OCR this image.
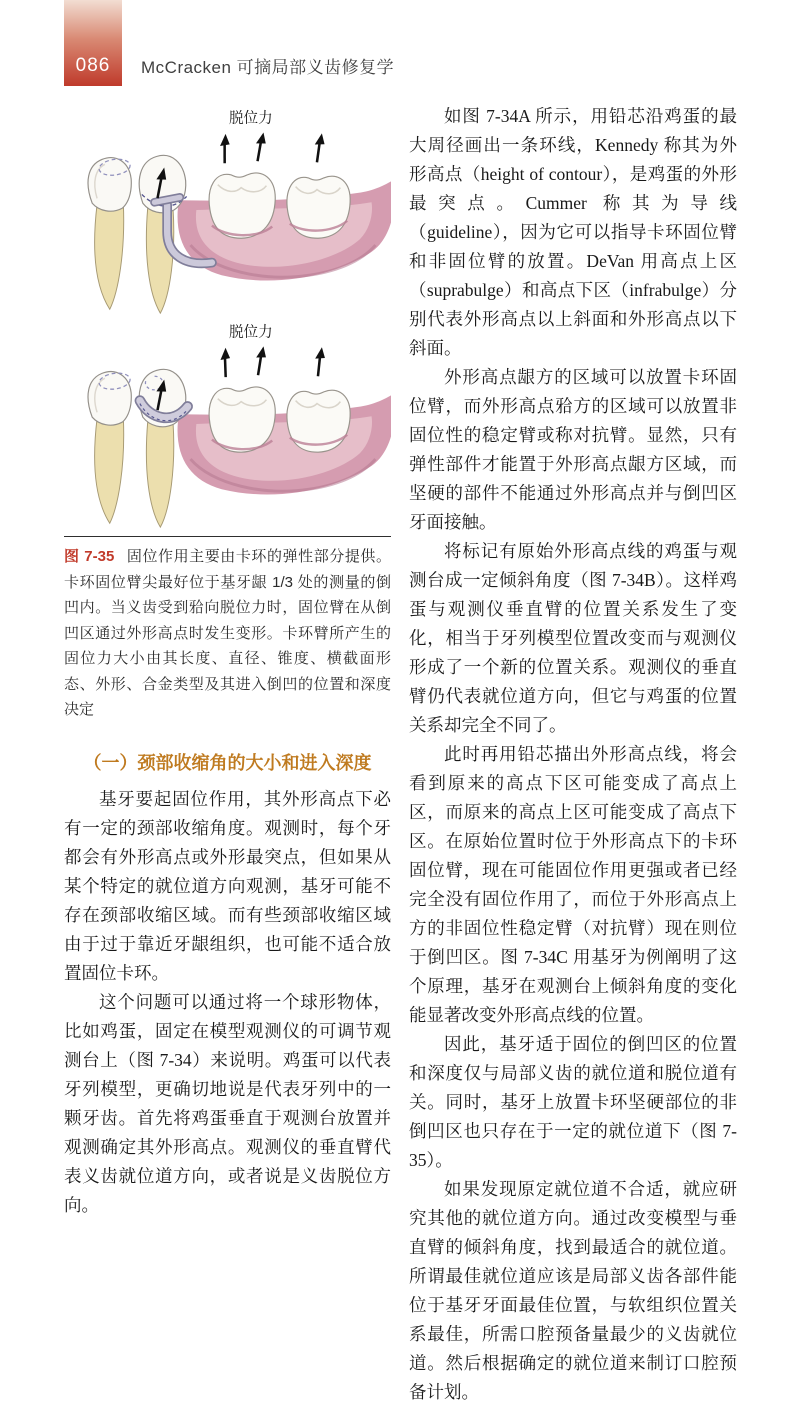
086 McCracken 可摘局部义齿修复学
脱位力
脱位力

图 7-35 固位作用主要由卡环的弹性部分提供。卡环固位臂尖最好位于基牙龈 1/3 处的测量的倒凹内。当义齿受到𬌗向脱位力时，固位臂在从倒凹区通过外形高点时发生变形。卡环臂所产生的固位力大小由其长度、直径、锥度、横截面形态、外形、合金类型及其进入倒凹的位置和深度决定

（一）颈部收缩角的大小和进入深度

基牙要起固位作用，其外形高点下必有一定的颈部收缩角度。观测时，每个牙都会有外形高点或外形最突点，但如果从某个特定的就位道方向观测，基牙可能不存在颈部收缩区域。而有些颈部收缩区域由于过于靠近牙龈组织，也可能不适合放置固位卡环。

这个问题可以通过将一个球形物体，比如鸡蛋，固定在模型观测仪的可调节观测台上（图 7-34）来说明。鸡蛋可以代表牙列模型，更确切地说是代表牙列中的一颗牙齿。首先将鸡蛋垂直于观测台放置并观测确定其外形高点。观测仪的垂直臂代表义齿就位道方向，或者说是义齿脱位方向。

如图 7-34A 所示，用铅芯沿鸡蛋的最大周径画出一条环线，Kennedy 称其为外形高点（height of contour），是鸡蛋的外形最突点。Cummer 称其为导线（guideline），因为它可以指导卡环固位臂和非固位臂的放置。DeVan 用高点上区（suprabulge）和高点下区（infrabulge）分别代表外形高点以上斜面和外形高点以下斜面。

外形高点龈方的区域可以放置卡环固位臂，而外形高点𬌗方的区域可以放置非固位性的稳定臂或称对抗臂。显然，只有弹性部件才能置于外形高点龈方区域，而坚硬的部件不能通过外形高点并与倒凹区牙面接触。

将标记有原始外形高点线的鸡蛋与观测台成一定倾斜角度（图 7-34B）。这样鸡蛋与观测仪垂直臂的位置关系发生了变化，相当于牙列模型位置改变而与观测仪形成了一个新的位置关系。观测仪的垂直臂仍代表就位道方向，但它与鸡蛋的位置关系却完全不同了。

此时再用铅芯描出外形高点线，将会看到原来的高点下区可能变成了高点上区，而原来的高点上区可能变成了高点下区。在原始位置时位于外形高点下的卡环固位臂，现在可能固位作用更强或者已经完全没有固位作用了，而位于外形高点上方的非固位性稳定臂（对抗臂）现在则位于倒凹区。图 7-34C 用基牙为例阐明了这个原理，基牙在观测台上倾斜角度的变化能显著改变外形高点线的位置。

因此，基牙适于固位的倒凹区的位置和深度仅与局部义齿的就位道和脱位道有关。同时，基牙上放置卡环坚硬部位的非倒凹区也只存在于一定的就位道下（图 7-35）。

如果发现原定就位道不合适，就应研究其他的就位道方向。通过改变模型与垂直臂的倾斜角度，找到最适合的就位道。所谓最佳就位道应该是局部义齿各部件能位于基牙牙面最佳位置，与软组织位置关系最佳，所需口腔预备量最少的义齿就位道。然后根据确定的就位道来制订口腔预备计划。
